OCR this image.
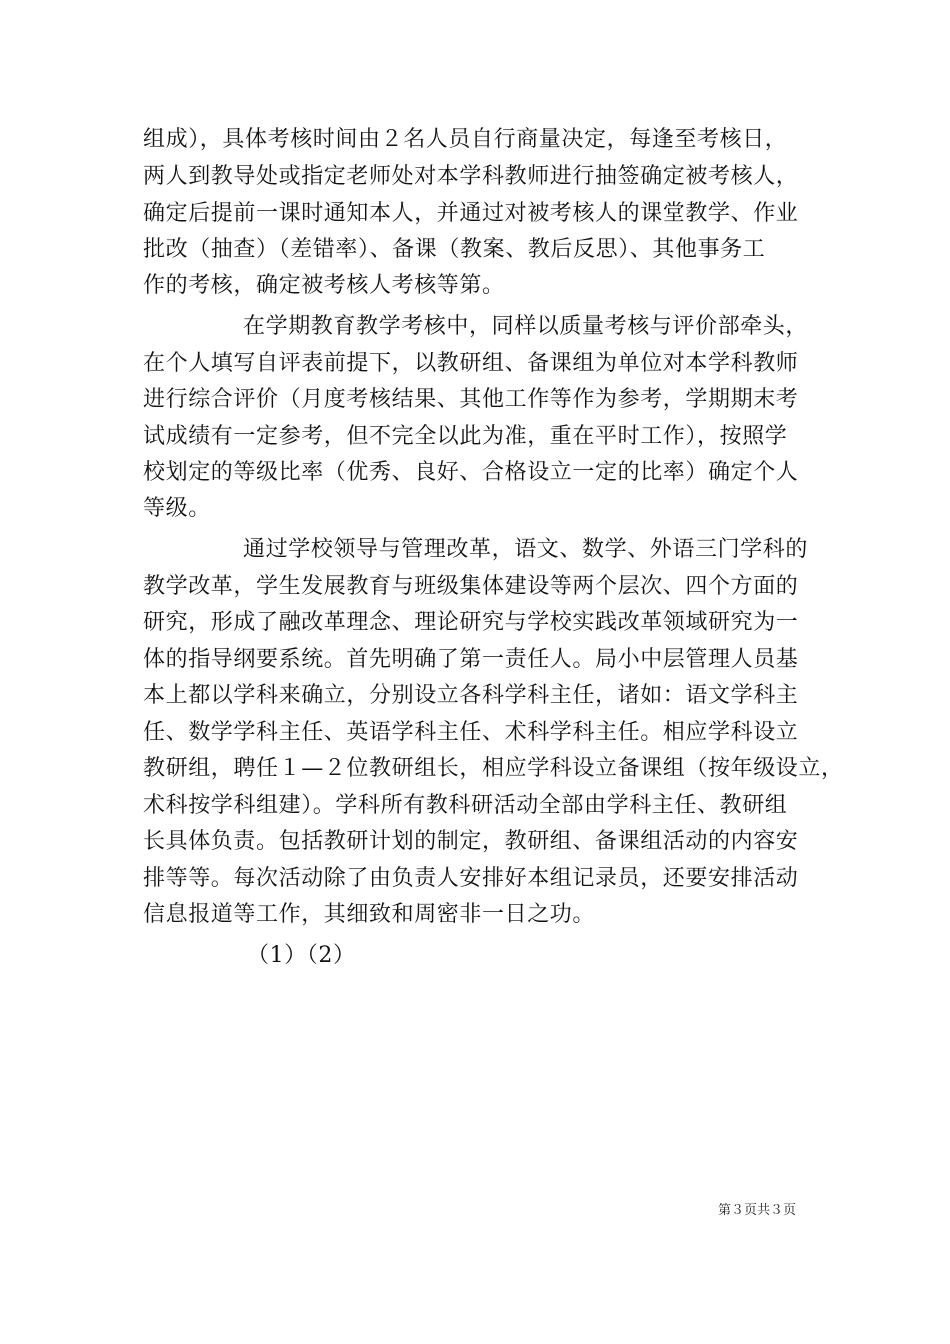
组成），具体考核时间由２名人员自行商量决定，每逢至考核日，
两人到教导处或指定老师处对本学科教师进行抽签确定被考核人，
确定后提前一课时通知本人，并通过对被考核人的课堂教学、作业
批改（抽查）（差错率）、备课（教案、教后反思）、其他事务工
作的考核，确定被考核人考核等第。
在学期教育教学考核中，同样以质量考核与评价部牵头，
在个人填写自评表前提下，以教研组、备课组为单位对本学科教师
进行综合评价（月度考核结果、其他工作等作为参考，学期期末考
试成绩有一定参考，但不完全以此为准，重在平时工作），按照学
校划定的等级比率（优秀、良好、合格设立一定的比率）确定个人
等级。
通过学校领导与管理改革，语文、数学、外语三门学科的
教学改革，学生发展教育与班级集体建设等两个层次、四个方面的
研究，形成了融改革理念、理论研究与学校实践改革领域研究为一
体的指导纲要系统。首先明确了第一责任人。局小中层管理人员基
本上都以学科来确立，分别设立各科学科主任，诸如：语文学科主
任、数学学科主任、英语学科主任、术科学科主任。相应学科设立
教研组，聘任１—２位教研组长，相应学科设立备课组（按年级设立，
术科按学科组建）。学科所有教科研活动全部由学科主任、教研组
长具体负责。包括教研计划的制定，教研组、备课组活动的内容安
排等等。每次活动除了由负责人安排好本组记录员，还要安排活动
信息报道等工作，其细致和周密非一日之功。
（1）（2）
第３页共３页
